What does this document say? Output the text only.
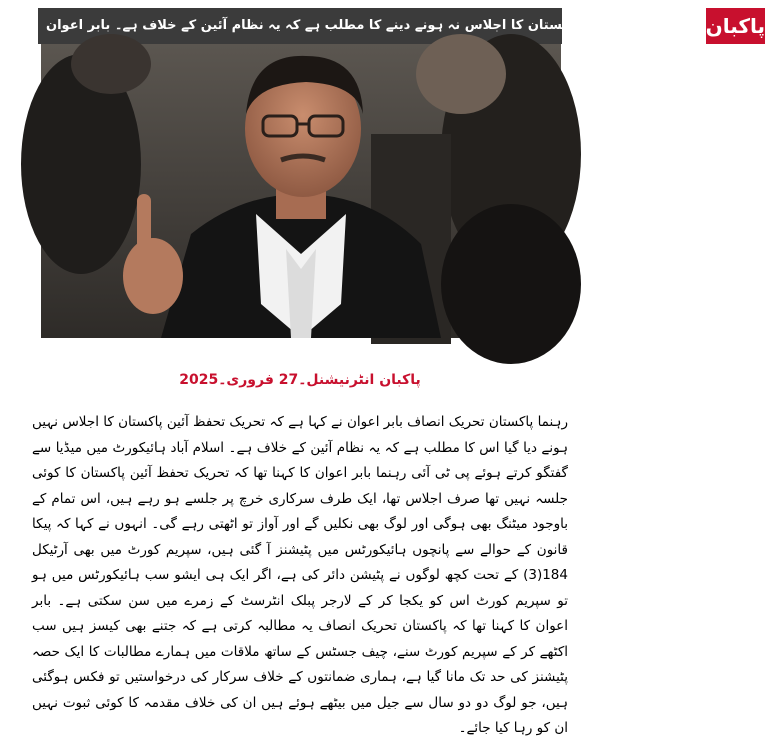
تحریک تحفظ آئین پاکستان کا اجلاس نہ ہونے دینے کا مطلب ہے کہ یہ نظام آئین کے خلاف ہے۔ بابر اعوان پاکبان
پاکبان انٹرنیشنل۔27 فروری۔2025
رہنما پاکستان تحریک انصاف بابر اعوان نے کہا ہے کہ تحریک تحفظ آئین پاکستان کا اجلاس نہیں ہونے دیا گیا اس کا مطلب ہے کہ یہ نظام آئین کے خلاف ہے۔ اسلام آباد ہائیکورٹ میں میڈیا سے گفتگو کرتے ہوئے پی ٹی آئی رہنما بابر اعوان کا کہنا تھا کہ تحریک تحفظ آئین پاکستان کا کوئی جلسہ نہیں تھا صرف اجلاس تھا، ایک طرف سرکاری خرچ پر جلسے ہو رہے ہیں، اس تمام کے باوجود میٹنگ بھی ہوگی اور لوگ بھی نکلیں گے اور آواز تو اٹھتی رہے گی۔ انہوں نے کہا کہ پیکا قانون کے حوالے سے پانچوں ہائیکورٹس میں پٹیشنز آ گئی ہیں، سپریم کورٹ میں بھی آرٹیکل 184(3) کے تحت کچھ لوگوں نے پٹیشن دائر کی ہے، اگر ایک ہی ایشو سب ہائیکورٹس میں ہو تو سپریم کورٹ اس کو یکجا کر کے لارجر پبلک انٹرسٹ کے زمرے میں سن سکتی ہے۔ بابر اعوان کا کہنا تھا کہ پاکستان تحریک انصاف یہ مطالبہ کرتی ہے کہ جتنے بھی کیسز ہیں سب اکٹھے کر کے سپریم کورٹ سنے، چیف جسٹس کے ساتھ ملاقات میں ہمارے مطالبات کا ایک حصہ پٹیشنز کی حد تک مانا گیا ہے، ہماری ضمانتوں کے خلاف سرکار کی درخواستیں تو فکس ہوگئی ہیں، جو لوگ دو دو سال سے جیل میں بیٹھے ہوئے ہیں ان کی خلاف مقدمہ کا کوئی ثبوت نہیں ان کو رہا کیا جائے۔
